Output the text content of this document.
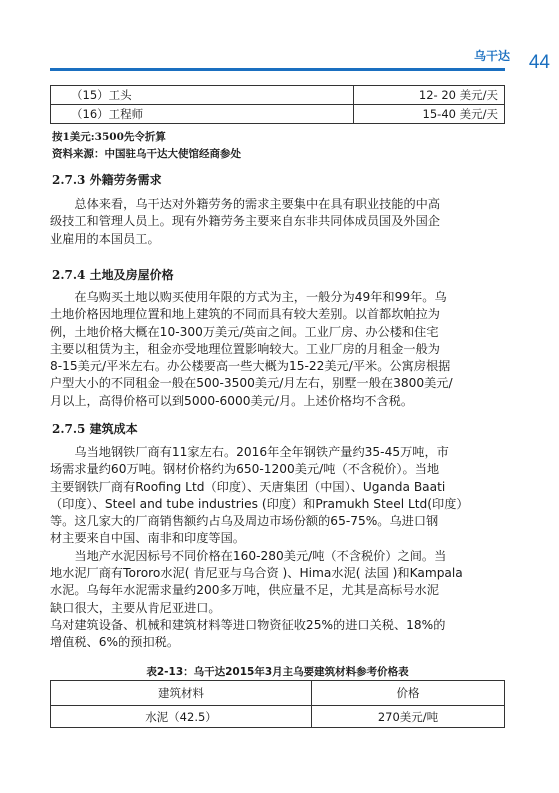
乌干达 44
（15）工头	12- 20 美元/天
（16）工程师	15-40 美元/天
按1美元:3500先令折算
资料来源：中国驻乌干达大使馆经商参处
2.7.3 外籍劳务需求
总体来看，乌干达对外籍劳务的需求主要集中在具有职业技能的中高
级技工和管理人员上。现有外籍劳务主要来自东非共同体成员国及外国企
业雇用的本国员工。
2.7.4 土地及房屋价格
在乌购买土地以购买使用年限的方式为主，一般分为49年和99年。乌
土地价格因地理位置和地上建筑的不同而具有较大差别。以首都坎帕拉为
例，土地价格大概在10-300万美元/英亩之间。工业厂房、办公楼和住宅
主要以租赁为主，租金亦受地理位置影响较大。工业厂房的月租金一般为
8-15美元/平米左右。办公楼要高一些大概为15-22美元/平米。公寓房根据
户型大小的不同租金一般在500-3500美元/月左右，别墅一般在3800美元/
月以上，高得价格可以到5000-6000美元/月。上述价格均不含税。
2.7.5 建筑成本
乌当地钢铁厂商有11家左右。2016年全年钢铁产量约35-45万吨，市
场需求量约60万吨。钢材价格约为650-1200美元/吨（不含税价）。当地
主要钢铁厂商有Roofing Ltd（印度）、天唐集团（中国）、Uganda Baati
（印度）、Steel and tube industries (印度）和Pramukh Steel Ltd(印度）
等。这几家大的厂商销售额约占乌及周边市场份额的65-75%。乌进口钢
材主要来自中国、南非和印度等国。
当地产水泥因标号不同价格在160-280美元/吨（不含税价）之间。当
地水泥厂商有Tororo水泥( 肯尼亚与乌合资 )、Hima水泥( 法国 )和Kampala
水泥。乌每年水泥需求量约200多万吨，供应量不足，尤其是高标号水泥
缺口很大，主要从肯尼亚进口。
乌对建筑设备、机械和建筑材料等进口物资征收25%的进口关税、18%的
增值税、6%的预扣税。
表2-13：乌干达2015年3月主乌要建筑材料参考价格表
建筑材料	价格
水泥（42.5）	270美元/吨
